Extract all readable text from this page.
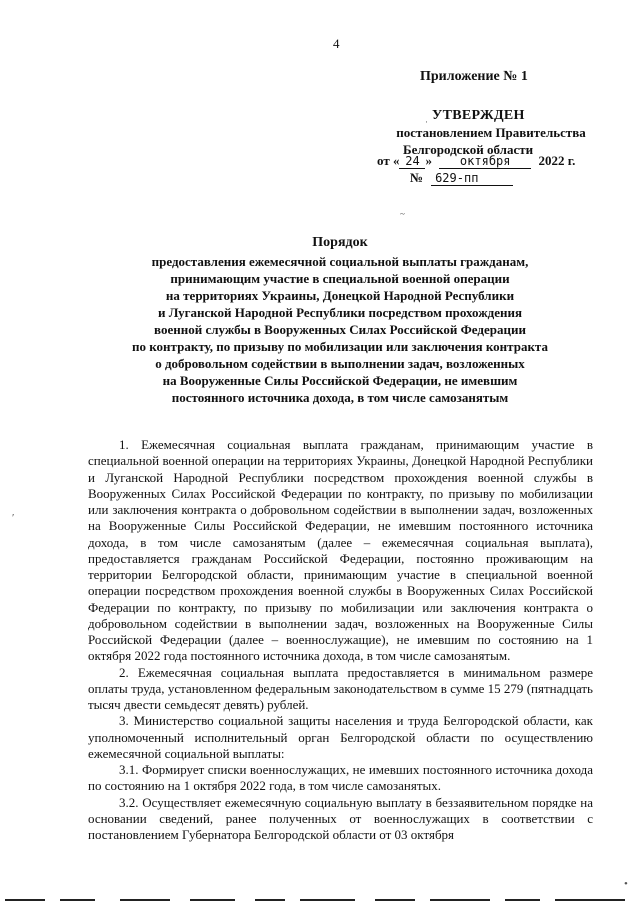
4
Приложение № 1
УТВЕРЖДЕН
постановлением Правительства
Белгородской области
от « 24 » октября 2022 г.
№ 629-пп
·
~
′
•
Порядок
предоставления ежемесячной социальной выплаты гражданам,
принимающим участие в специальной военной операции
на территориях Украины, Донецкой Народной Республики
и Луганской Народной Республики посредством прохождения
военной службы в Вооруженных Силах Российской Федерации
по контракту, по призыву по мобилизации или заключения контракта
о добровольном содействии в выполнении задач, возложенных
на Вооруженные Силы Российской Федерации, не имевшим
постоянного источника дохода, в том числе самозанятым

1. Ежемесячная социальная выплата гражданам, принимающим участие в специальной военной операции на территориях Украины, Донецкой Народной Республики и Луганской Народной Республики посредством прохождения военной службы в Вооруженных Силах Российской Федерации по контракту, по призыву по мобилизации или заключения контракта о добровольном содействии в выполнении задач, возложенных на Вооруженные Силы Российской Федерации, не имевшим постоянного источника дохода, в том числе самозанятым (далее – ежемесячная социальная выплата), предоставляется гражданам Российской Федерации, постоянно проживающим на территории Белгородской области, принимающим участие в специальной военной операции посредством прохождения военной службы в Вооруженных Силах Российской Федерации по контракту, по призыву по мобилизации или заключения контракта о добровольном содействии в выполнении задач, возложенных на Вооруженные Силы Российской Федерации (далее – военнослужащие), не имевшим по состоянию на 1 октября 2022 года постоянного источника дохода, в том числе самозанятым.

2. Ежемесячная социальная выплата предоставляется в минимальном размере оплаты труда, установленном федеральным законодательством в сумме 15 279 (пятнадцать тысяч двести семьдесят девять) рублей.

3. Министерство социальной защиты населения и труда Белгородской области, как уполномоченный исполнительный орган Белгородской области по осуществлению ежемесячной социальной выплаты:

3.1. Формирует списки военнослужащих, не имевших постоянного источника дохода по состоянию на 1 октября 2022 года, в том числе самозанятых.

3.2. Осуществляет ежемесячную социальную выплату в беззаявительном порядке на основании сведений, ранее полученных от военнослужащих в соответствии с постановлением Губернатора Белгородской области от 03 октября
